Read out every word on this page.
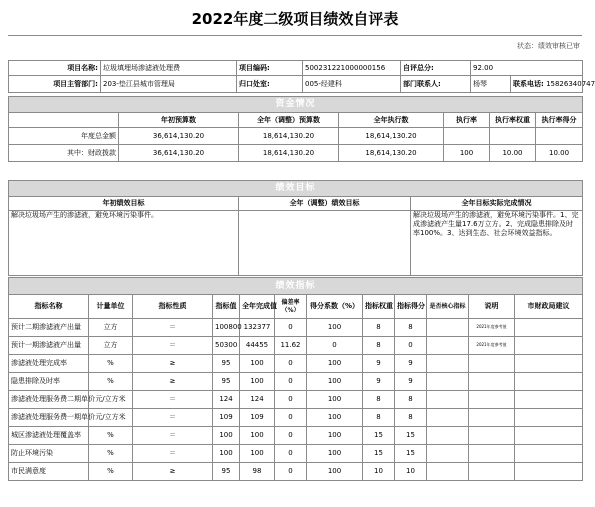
2022年度二级项目绩效自评表
状态：绩效审核已审
项目名称:	垃圾填埋场渗滤液处理费	项目编码:	500231221000000156	自评总分:	92.00	
项目主管部门:	203-垫江县城市管理局	归口处室:	005-经建科	部门联系人:	杨琴	联系电话: 15826340747
资金情况						
	年初预算数	全年（调整）预算数	全年执行数	执行率	执行率权重	执行率得分
年度总金额	36,614,130.20	18,614,130.20	18,614,130.20			
其中：财政拨款	36,614,130.20	18,614,130.20	18,614,130.20	100	10.00	10.00
绩效目标		
年初绩效目标	全年（调整）绩效目标	全年目标实际完成情况
解决垃圾场产生的渗滤液，避免环境污染事件。		解决垃圾场产生的渗滤液，避免环境污染事件。1、完成渗滤液产生量17.6万立方。2、完成隐患排除及时率100%。3、达到生态、社会环境效益指标。
绩效指标											
指标名称	计量单位	指标性质	指标值	全年完成值	偏差率（%）	得分系数（%）	指标权重	指标得分	是否核心指标	说明	市财政局建议
预计二期渗滤液产出量	立方	＝	100800	132377	0	100	8	8		2021年度参考值	
预计一期渗滤液产出量	立方	＝	50300	44455	11.62	0	8	0		2021年度参考值	
渗滤液处理完成率	%	≥	95	100	0	100	9	9			
隐患排除及时率	%	≥	95	100	0	100	9	9			
渗滤液处理服务费二期单价	元/立方米	＝	124	124	0	100	8	8			
渗滤液处理服务费一期单价	元/立方米	＝	109	109	0	100	8	8			
城区渗滤液处理覆盖率	%	＝	100	100	0	100	15	15			
防止环境污染	%	＝	100	100	0	100	15	15			
市民满意度	%	≥	95	98	0	100	10	10			
